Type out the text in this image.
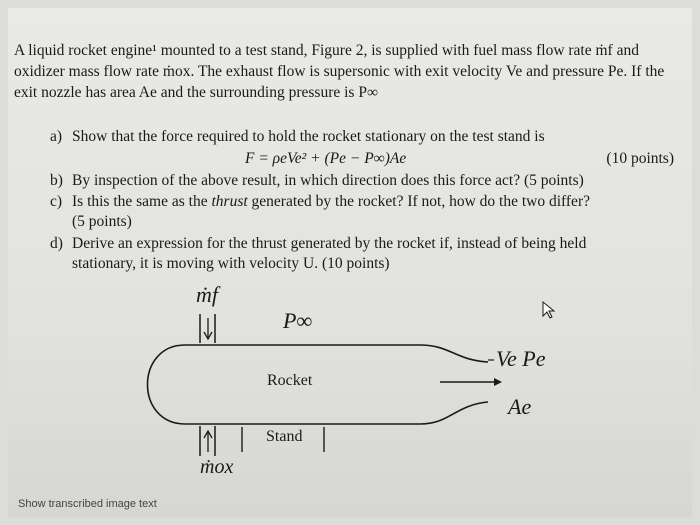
A liquid rocket engine¹ mounted to a test stand, Figure 2, is supplied with fuel mass flow rate ṁf and oxidizer mass flow rate ṁox. The exhaust flow is supersonic with exit velocity Ve and pressure Pe. If the exit nozzle has area Ae and the surrounding pressure is P∞
a) Show that the force required to hold the rocket stationary on the test stand is
F = ρeVe² + (Pe − P∞)Ae	(10 points)
b) By inspection of the above result, in which direction does this force act? (5 points)
c) Is this the same as the thrust generated by the rocket? If not, how do the two differ?
(5 points)
d) Derive an expression for the thrust generated by the rocket if, instead of being held
stationary, it is moving with velocity U. (10 points)
ṁf
P∞
Rocket
Stand
ṁox
Ve Pe
Ae
Show transcribed image text
